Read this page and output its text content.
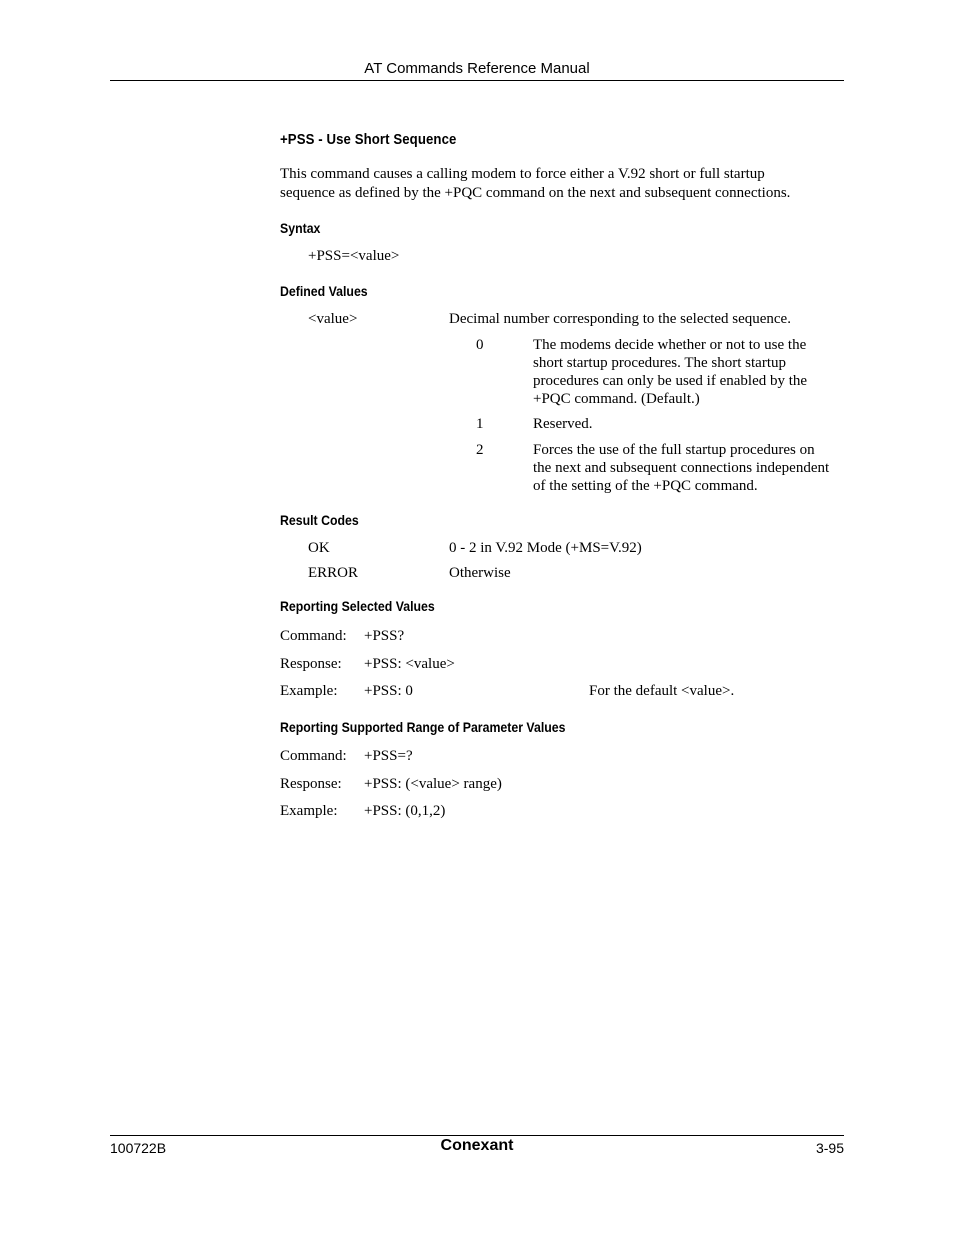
AT Commands Reference Manual
+PSS - Use Short Sequence
This command causes a calling modem to force either a V.92 short or full startup
sequence as defined by the +PQC command on the next and subsequent connections.
Syntax
+PSS=<value>
Defined Values
<value>	Decimal number corresponding to the selected sequence.
0	The modems decide whether or not to use the
short startup procedures. The short startup
procedures can only be used if enabled by the
+PQC command. (Default.)
1	Reserved.
2	Forces the use of the full startup procedures on
the next and subsequent connections independent
of the setting of the +PQC command.
Result Codes
OK	0 - 2 in V.92 Mode (+MS=V.92)
ERROR	Otherwise
Reporting Selected Values
Command: +PSS?
Response: +PSS: <value>
Example: +PSS: 0	For the default <value>.
Reporting Supported Range of Parameter Values
Command: +PSS=?
Response: +PSS: (<value> range)
Example: +PSS: (0,1,2)
100722B	Conexant	3-95
